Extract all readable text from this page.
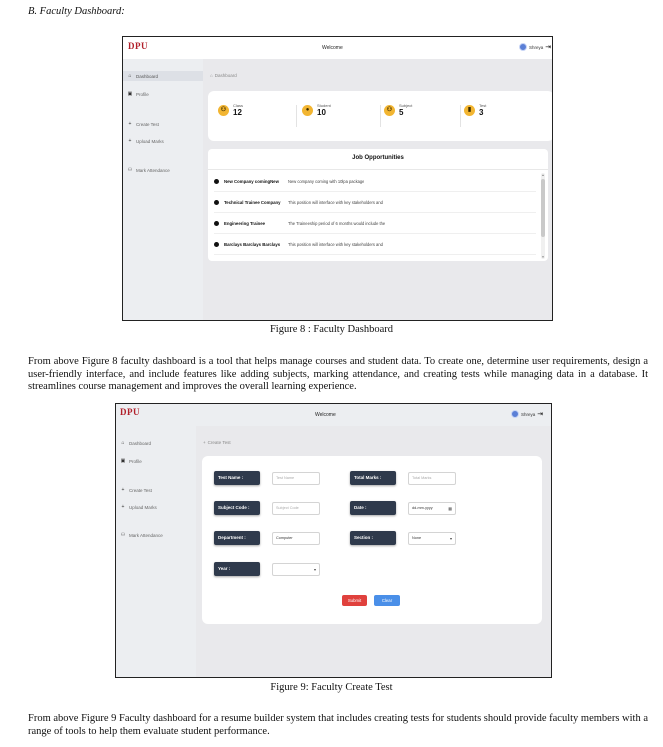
B. Faculty Dashboard:
DPU	Welcome	Shreya ⇥
⌂ Dashboard
▣ Profile
+	Create Test
+	Upload Marks
⚇ Mark Attendance
⌂ Dashboard
⚇
Class
12	●
Student
10	⚇
Subject
5	▮
Test
3
Job Opportunities
New Company comingNew	New company coming with 10lpa package
Technical Trainee Company	This position will interface with key stakeholders and
Engineering Trainee	The Traineeship period of 6 months would include the
Barclays Barclays Barclays	This position will interface with key stakeholders and
▴
▾
Figure 8 : Faculty Dashboard
From above Figure 8 faculty dashboard is a tool that helps manage courses and student data. To create one, determine user requirements, design a user-friendly interface, and include features like adding subjects, marking attendance, and creating tests while managing data in a database. It streamlines course management and improves the overall learning experience.
DPU	Welcome	Shreya ⇥
⌂ Dashboard
▣ Profile
+	Create Test
+	Upload Marks
⚇ Mark Attendance
+ Create Test
Test Name :	Test Name	Total Marks :	Total Marks
Subject Code :	Subject Code	Date :	dd-mm-yyyy ▦
Department :	Computer	Section :	None ▾
Year :
▾
Submit	Clear
Figure 9: Faculty Create Test
From above Figure 9 Faculty dashboard for a resume builder system that includes creating tests for students should provide faculty members with a range of tools to help them evaluate student performance.
